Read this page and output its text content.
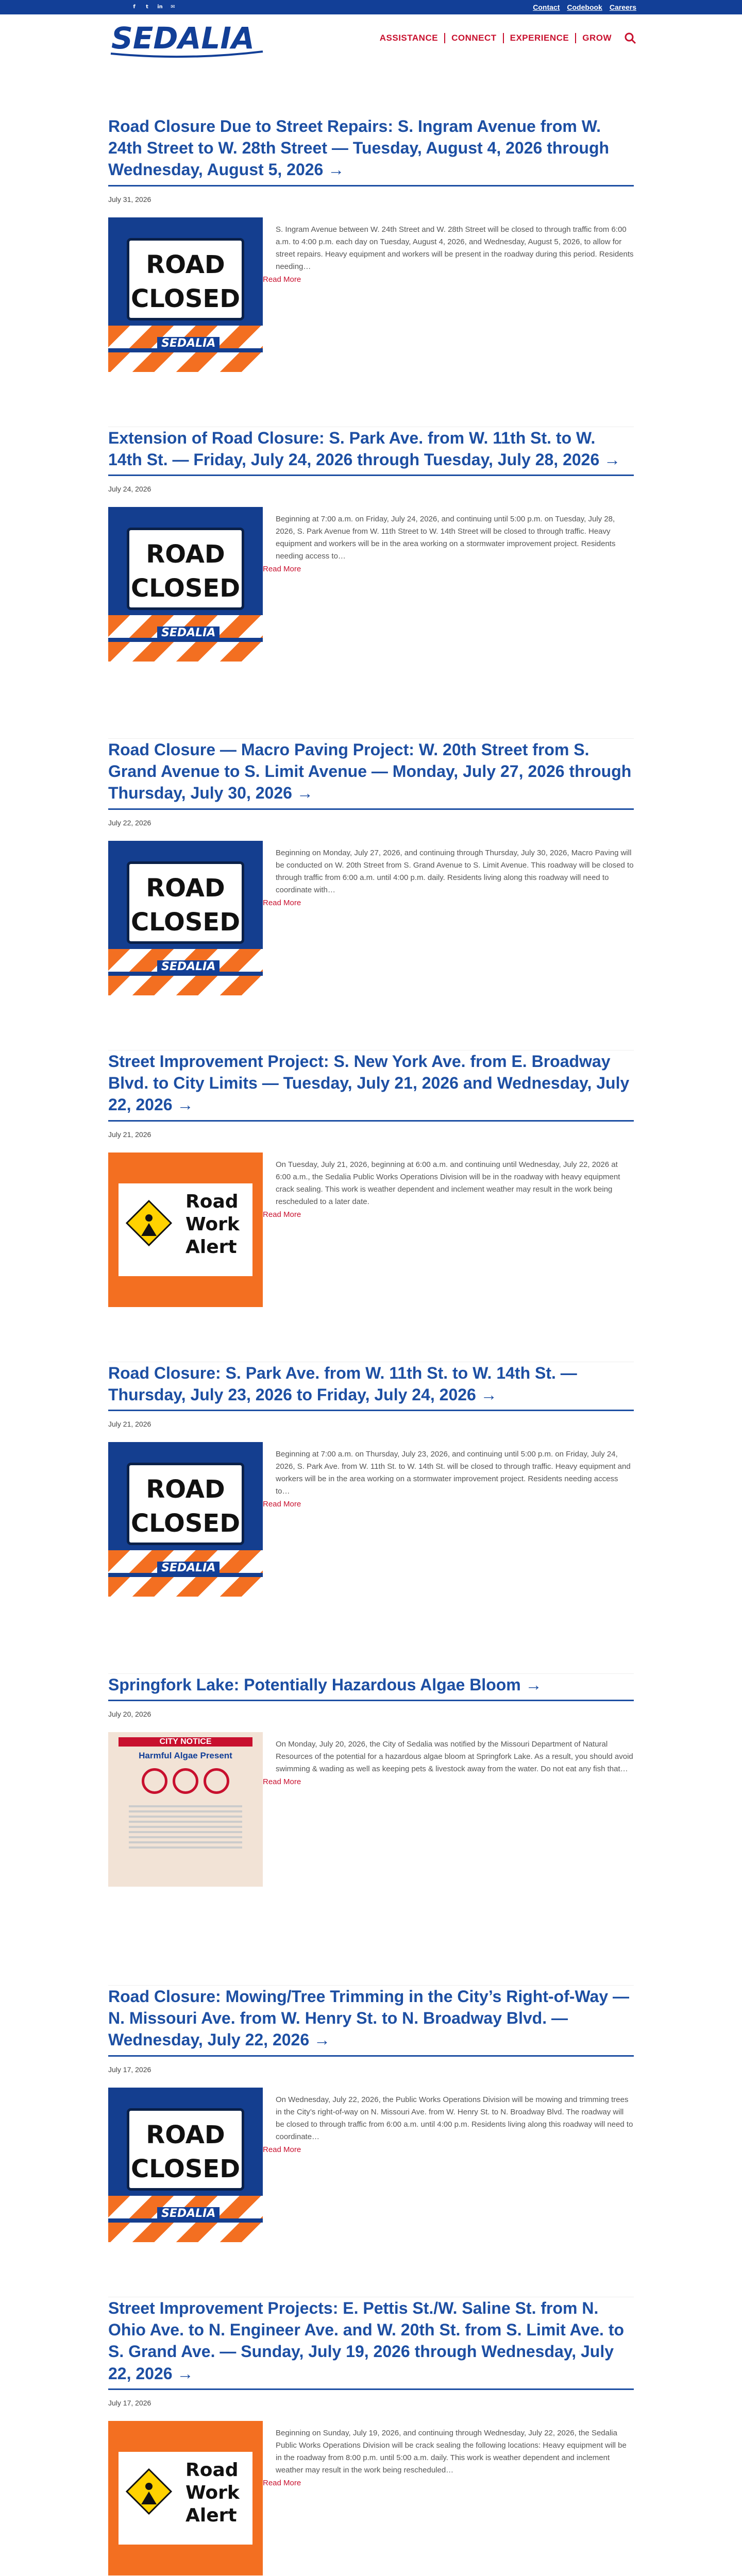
f	t	in	✉	Contact Codebook Careers
SEDALIA	ASSISTANCE	CONNECT	EXPERIENCE	GROW
Road Closure Due to Street Repairs: S. Ingram Avenue from W. 24th Street to W. 28th Street — Tuesday, August 4, 2026 through Wednesday, August 5, 2026 →
July 31, 2026
ROAD
CLOSED
SEDALIA
S. Ingram Avenue between W. 24th Street and W. 28th Street will be closed to through traffic from 6:00 a.m. to 4:00 p.m. each day on Tuesday, August 4, 2026, and Wednesday, August 5, 2026, to allow for street repairs. Heavy equipment and workers will be present in the roadway during this period. Residents needing…
Read More
Extension of Road Closure: S. Park Ave. from W. 11th St. to W. 14th St. — Friday, July 24, 2026 through Tuesday, July 28, 2026 →
July 24, 2026
ROAD
CLOSED
SEDALIA
Beginning at 7:00 a.m. on Friday, July 24, 2026, and continuing until 5:00 p.m. on Tuesday, July 28, 2026, S. Park Avenue from W. 11th Street to W. 14th Street will be closed to through traffic. Heavy equipment and workers will be in the area working on a stormwater improvement project. Residents needing access to…
Read More
Road Closure — Macro Paving Project: W. 20th Street from S. Grand Avenue to S. Limit Avenue — Monday, July 27, 2026 through Thursday, July 30, 2026 →
July 22, 2026
ROAD
CLOSED
SEDALIA
Beginning on Monday, July 27, 2026, and continuing through Thursday, July 30, 2026, Macro Paving will be conducted on W. 20th Street from S. Grand Avenue to S. Limit Avenue. This roadway will be closed to through traffic from 6:00 a.m. until 4:00 p.m. daily. Residents living along this roadway will need to coordinate with…
Read More
Street Improvement Project: S. New York Ave. from E. Broadway Blvd. to City Limits — Tuesday, July 21, 2026 and Wednesday, July 22, 2026 →
July 21, 2026
Road
Work
Alert
On Tuesday, July 21, 2026, beginning at 6:00 a.m. and continuing until Wednesday, July 22, 2026 at 6:00 a.m., the Sedalia Public Works Operations Division will be in the roadway with heavy equipment crack sealing. This work is weather dependent and inclement weather may result in the work being rescheduled to a later date.
Read More
Road Closure: S. Park Ave. from W. 11th St. to W. 14th St. — Thursday, July 23, 2026 to Friday, July 24, 2026 →
July 21, 2026
ROAD
CLOSED
SEDALIA
Beginning at 7:00 a.m. on Thursday, July 23, 2026, and continuing until 5:00 p.m. on Friday, July 24, 2026, S. Park Ave. from W. 11th St. to W. 14th St. will be closed to through traffic. Heavy equipment and workers will be in the area working on a stormwater improvement project. Residents needing access to…
Read More
Springfork Lake: Potentially Hazardous Algae Bloom →
July 20, 2026
CITY NOTICE
Harmful Algae Present
On Monday, July 20, 2026, the City of Sedalia was notified by the Missouri Department of Natural Resources of the potential for a hazardous algae bloom at Springfork Lake. As a result, you should avoid swimming & wading as well as keeping pets & livestock away from the water. Do not eat any fish that…
Read More
Road Closure: Mowing/Tree Trimming in the City’s Right-of-Way — N. Missouri Ave. from W. Henry St. to N. Broadway Blvd. — Wednesday, July 22, 2026 →
July 17, 2026
ROAD
CLOSED
SEDALIA
On Wednesday, July 22, 2026, the Public Works Operations Division will be mowing and trimming trees in the City’s right-of-way on N. Missouri Ave. from W. Henry St. to N. Broadway Blvd. The roadway will be closed to through traffic from 6:00 a.m. until 4:00 p.m. Residents living along this roadway will need to coordinate…
Read More
Street Improvement Projects: E. Pettis St./W. Saline St. from N. Ohio Ave. to N. Engineer Ave. and W. 20th St. from S. Limit Ave. to S. Grand Ave. — Sunday, July 19, 2026 through Wednesday, July 22, 2026 →
July 17, 2026
Road
Work
Alert
Beginning on Sunday, July 19, 2026, and continuing through Wednesday, July 22, 2026, the Sedalia Public Works Operations Division will be crack sealing the following locations: Heavy equipment will be in the roadway from 8:00 p.m. until 5:00 a.m. daily. This work is weather dependent and inclement weather may result in the work being rescheduled…
Read More
